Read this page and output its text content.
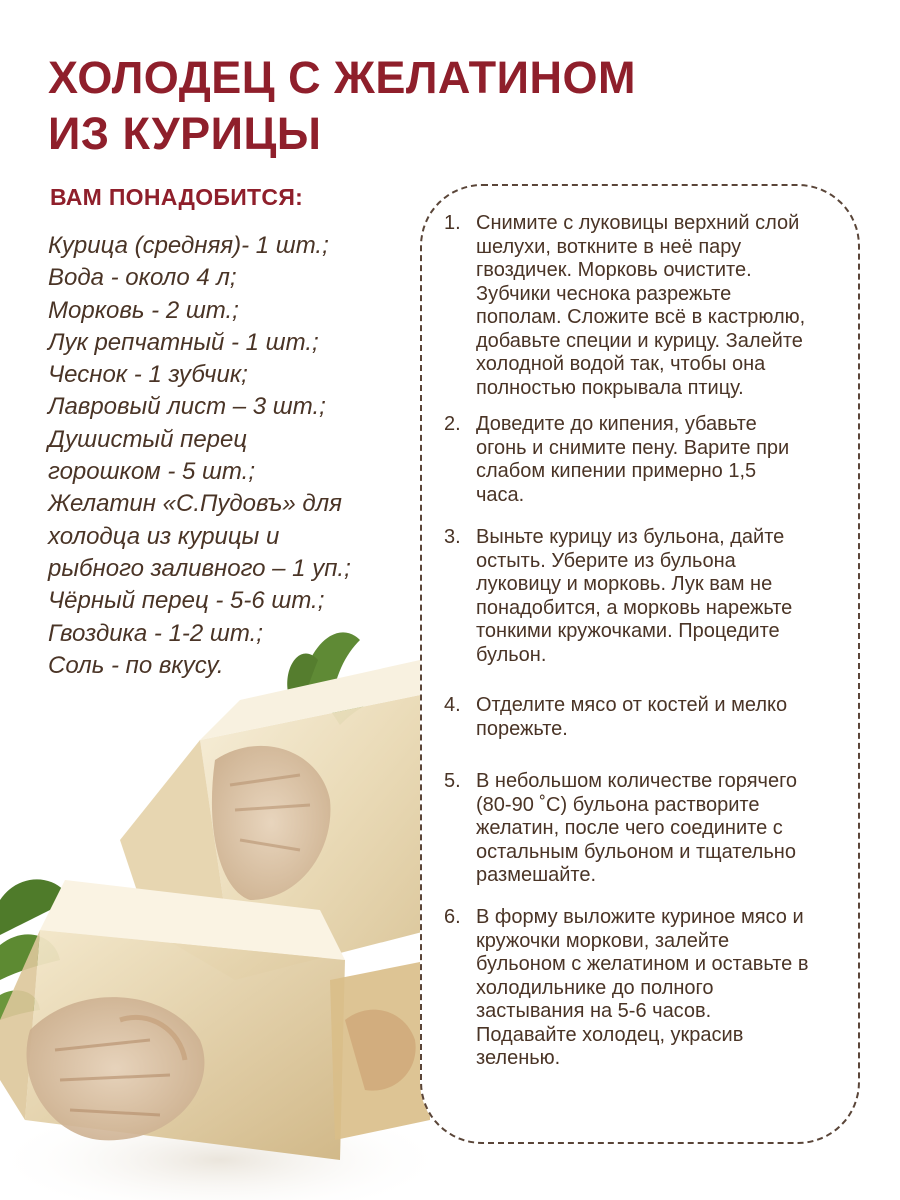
ХОЛОДЕЦ С ЖЕЛАТИНОМ
ИЗ КУРИЦЫ
ВАМ ПОНАДОБИТСЯ:
Курица (средняя)- 1 шт.;
Вода - около 4 л;
Морковь - 2 шт.;
Лук репчатный - 1 шт.;
Чеснок - 1 зубчик;
Лавровый лист – 3 шт.;
Душистый перец
горошком - 5 шт.;
Желатин «С.Пудовъ» для
холодца из курицы и
рыбного заливного – 1 уп.;
Чёрный перец - 5-6 шт.;
Гвоздика - 1-2 шт.;
Соль - по вкусу.
1. Снимите с луковицы верхний слой
шелухи, воткните в неё пару
гвоздичек. Морковь очистите.
Зубчики чеснока разрежьте
пополам. Сложите всё в кастрюлю,
добавьте специи и курицу. Залейте
холодной водой так, чтобы она
полностью покрывала птицу.
2. Доведите до кипения, убавьте
огонь и снимите пену. Варите при
слабом кипении примерно 1,5
часа.
3. Выньте курицу из бульона, дайте
остыть. Уберите из бульона
луковицу и морковь. Лук вам не
понадобится, а морковь нарежьте
тонкими кружочками. Процедите
бульон.
4. Отделите мясо от костей и мелко
порежьте.
5. В небольшом количестве горячего
(80-90 ˚С) бульона растворите
желатин, после чего соедините с
остальным бульоном и тщательно
размешайте.
6. В форму выложите куриное мясо и
кружочки моркови, залейте
бульоном с желатином и оставьте в
холодильнике до полного
застывания на 5-6 часов.
Подавайте холодец, украсив
зеленью.
